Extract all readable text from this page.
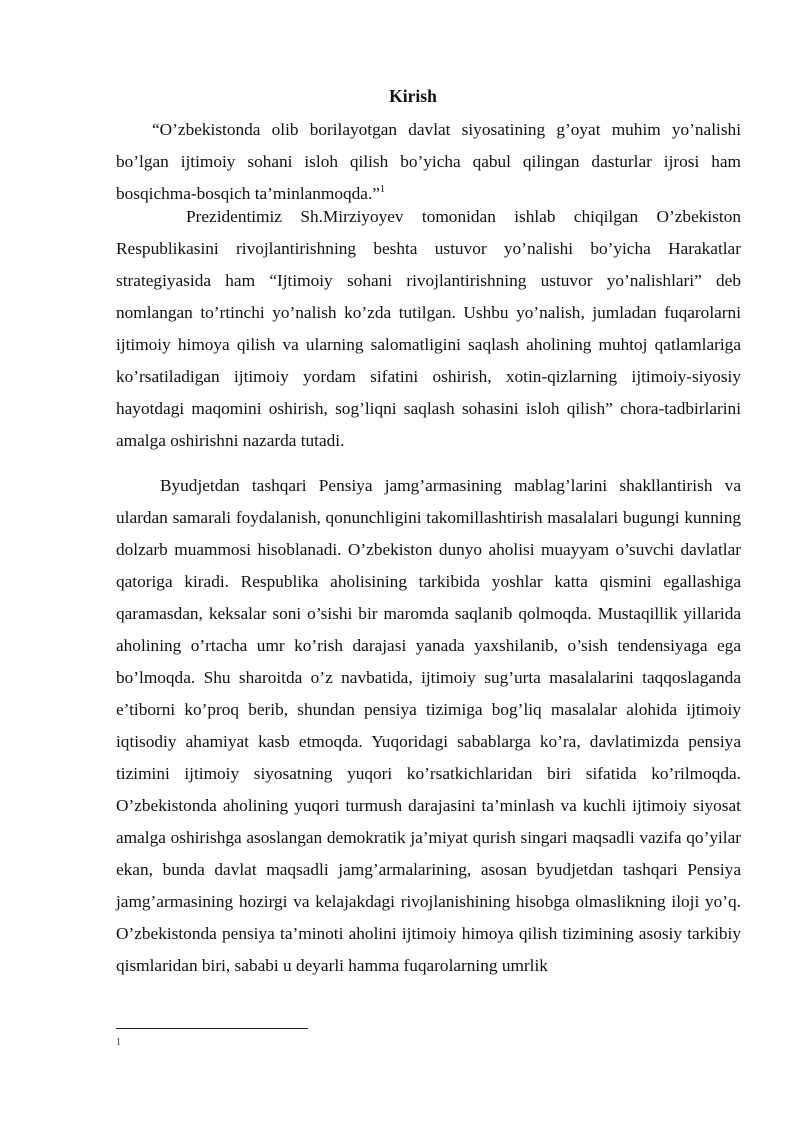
Kirish

“O’zbekistonda olib borilayotgan davlat siyosatining g’oyat muhim yo’nalishi bo’lgan ijtimoiy sohani isloh qilish bo’yicha qabul qilingan dasturlar ijrosi ham bosqichma-bosqich ta’minlanmoqda.”$^1$

Prezidentimiz Sh.Mirziyoyev tomonidan ishlab chiqilgan O’zbekiston Respublikasini rivojlantirishning beshta ustuvor yo’nalishi bo’yicha Harakatlar strategiyasida ham “Ijtimoiy sohani rivojlantirishning ustuvor yo’nalishlari” deb nomlangan to’rtinchi yo’nalish ko’zda tutilgan. Ushbu yo’nalish, jumladan fuqarolarni ijtimoiy himoya qilish va ularning salomatligini saqlash aholining muhtoj qatlamlariga ko’rsatiladigan ijtimoiy yordam sifatini oshirish, xotin-qizlarning ijtimoiy-siyosiy hayotdagi maqomini oshirish, sog’liqni saqlash sohasini isloh qilish” chora-tadbirlarini amalga oshirishni nazarda tutadi.

Byudjetdan tashqari Pensiya jamg’armasining mablag’larini shakllantirish va ulardan samarali foydalanish, qonunchligini takomillashtirish masalalari bugungi kunning dolzarb muammosi hisoblanadi. O’zbekiston dunyo aholisi muayyam o’suvchi davlatlar qatoriga kiradi. Respublika aholisining tarkibida yoshlar katta qismini egallashiga qaramasdan, keksalar soni o’sishi bir maromda saqlanib qolmoqda. Mustaqillik yillarida aholining o’rtacha umr ko’rish darajasi yanada yaxshilanib, o’sish tendensiyaga ega bo’lmoqda. Shu sharoitda o’z navbatida, ijtimoiy sug’urta masalalarini taqqoslaganda e’tiborni ko’proq berib, shundan pensiya tizimiga bog’liq masalalar alohida ijtimoiy iqtisodiy ahamiyat kasb etmoqda. Yuqoridagi sabablarga ko’ra, davlatimizda pensiya tizimini ijtimoiy siyosatning yuqori ko’rsatkichlaridan biri sifatida ko’rilmoqda. O’zbekistonda aholining yuqori turmush darajasini ta’minlash va kuchli ijtimoiy siyosat amalga oshirishga asoslangan demokratik ja’miyat qurish singari maqsadli vazifa qo’yilar ekan, bunda davlat maqsadli jamg’armalarining, asosan byudjetdan tashqari Pensiya jamg’armasining hozirgi va kelajakdagi rivojlanishining hisobga olmaslikning iloji yo’q. O’zbekistonda pensiya ta’minoti aholini ijtimoiy himoya qilish tizimining asosiy tarkibiy qismlaridan biri, sababi u deyarli hamma fuqarolarning umrlik

1
